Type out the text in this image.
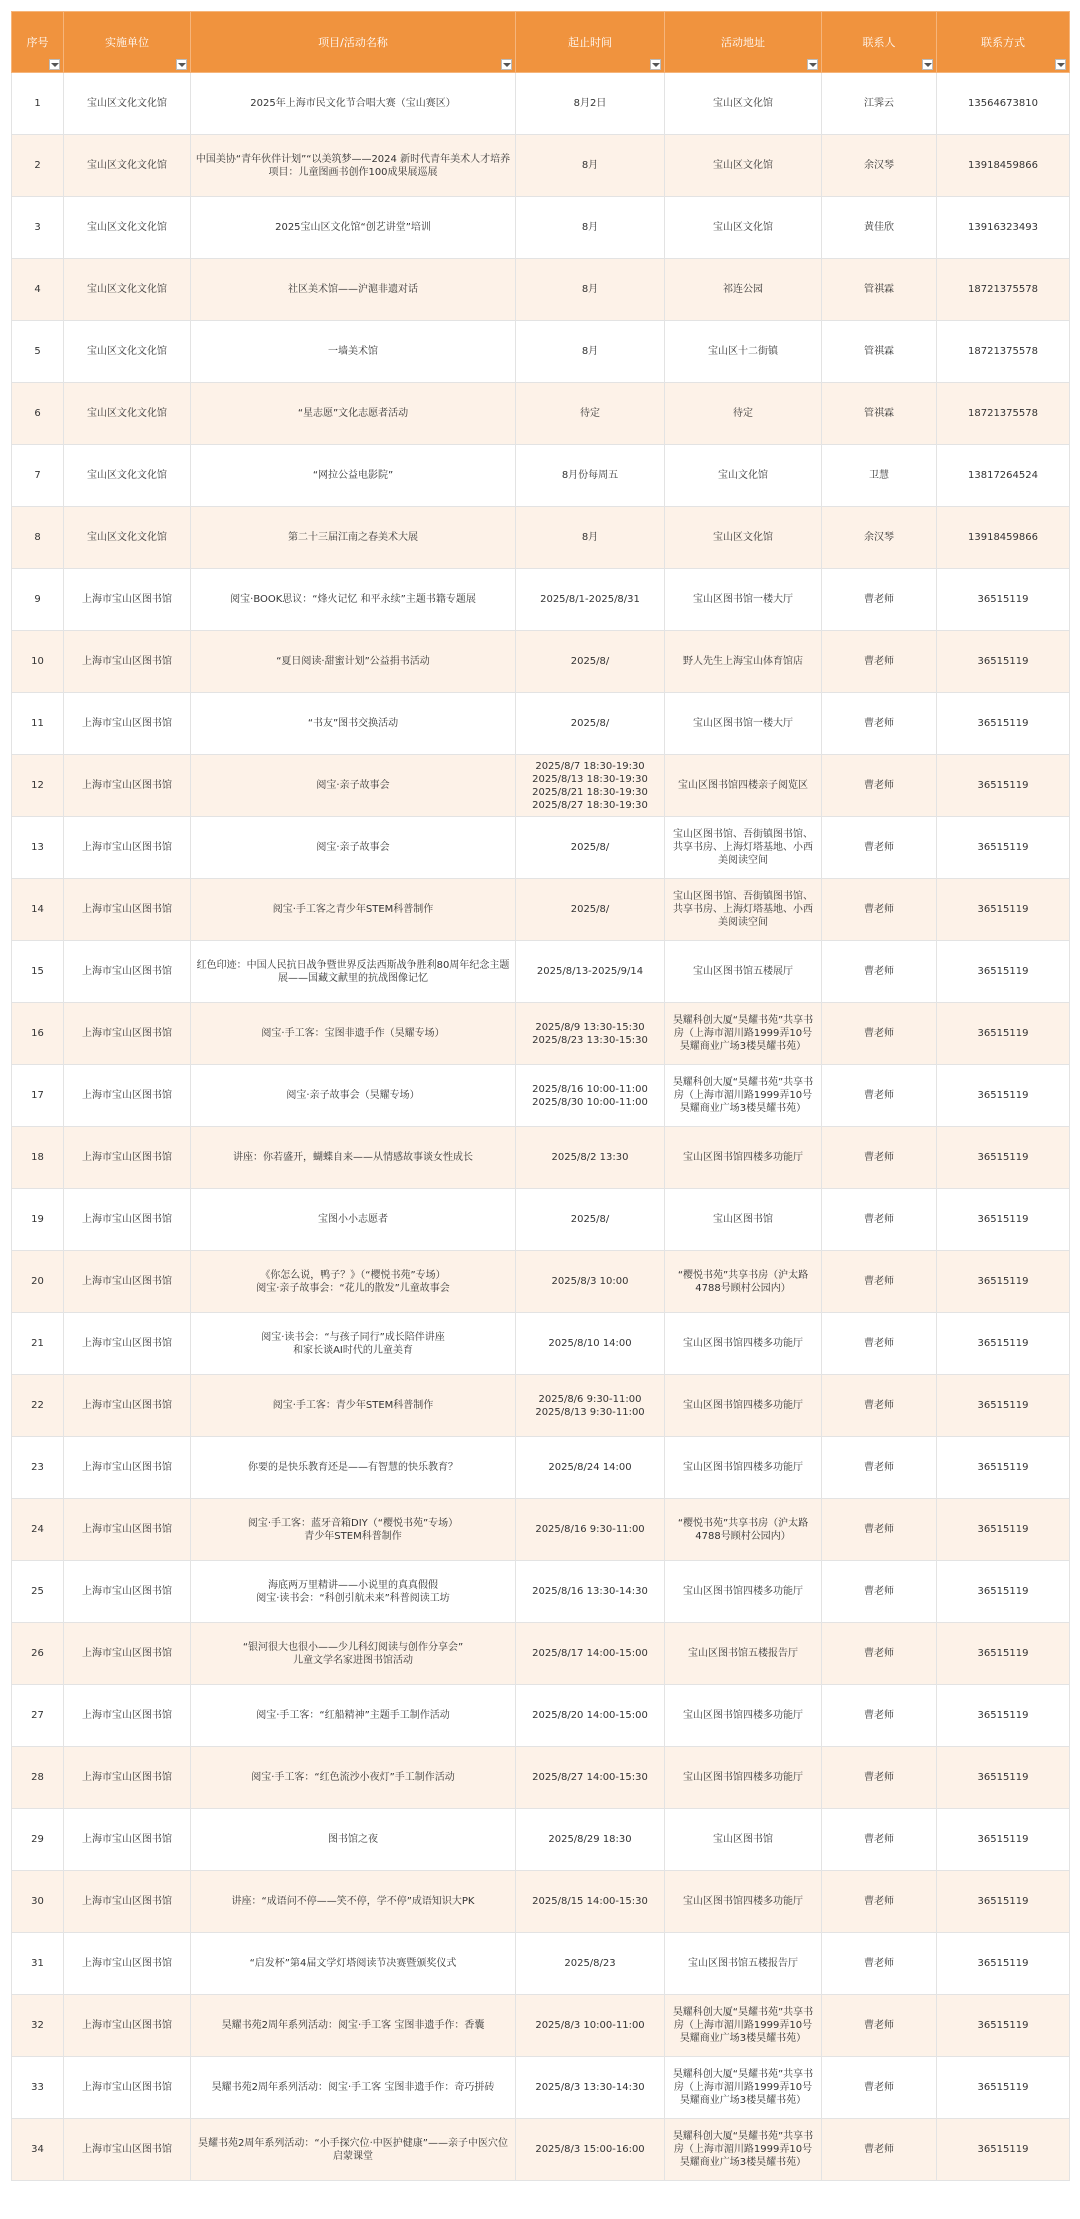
序号	实施单位	项目/活动名称	起止时间	活动地址	联系人	联系方式

1	宝山区文化文化馆	2025年上海市民文化节合唱大赛（宝山赛区）	8月2日	宝山区文化馆	江霁云	13564673810
2	宝山区文化文化馆	中国美协“青年伙伴计划”“以美筑梦——2024 新时代青年美术人才培养项目：儿童图画书创作100成果展巡展	8月	宝山区文化馆	余汉琴	13918459866
3	宝山区文化文化馆	2025宝山区文化馆“创艺讲堂”培训	8月	宝山区文化馆	黄佳欣	13916323493
4	宝山区文化文化馆	社区美术馆——沪滬非遗对话	8月	祁连公园	管祺霖	18721375578
5	宝山区文化文化馆	一墙美术馆	8月	宝山区十二街镇	管祺霖	18721375578
6	宝山区文化文化馆	“星志愿”文化志愿者活动	待定	待定	管祺霖	18721375578
7	宝山区文化文化馆	“网拉公益电影院”	8月份每周五	宝山文化馆	卫慧	13817264524
8	宝山区文化文化馆	第二十三届江南之春美术大展	8月	宝山区文化馆	余汉琴	13918459866
9	上海市宝山区图书馆	阅宝·BOOK思议：“烽火记忆 和平永续”主题书籍专题展	2025/8/1-2025/8/31	宝山区图书馆一楼大厅	曹老师	36515119
10	上海市宝山区图书馆	“夏日阅读·甜蜜计划”公益捐书活动	2025/8/	野人先生上海宝山体育馆店	曹老师	36515119
11	上海市宝山区图书馆	“书友”图书交换活动	2025/8/	宝山区图书馆一楼大厅	曹老师	36515119
12	上海市宝山区图书馆	阅宝·亲子故事会	2025/8/7 18:30-19:30
2025/8/13 18:30-19:30
2025/8/21 18:30-19:30
2025/8/27 18:30-19:30	宝山区图书馆四楼亲子阅览区	曹老师	36515119
13	上海市宝山区图书馆	阅宝·亲子故事会	2025/8/	宝山区图书馆、吾街镇图书馆、共享书房、上海灯塔基地、小西美阅读空间	曹老师	36515119
14	上海市宝山区图书馆	阅宝·手工客之青少年STEM科普制作	2025/8/	宝山区图书馆、吾街镇图书馆、共享书房、上海灯塔基地、小西美阅读空间	曹老师	36515119
15	上海市宝山区图书馆	红色印迹：中国人民抗日战争暨世界反法西斯战争胜利80周年纪念主题展——国藏文献里的抗战图像记忆	2025/8/13-2025/9/14	宝山区图书馆五楼展厅	曹老师	36515119
16	上海市宝山区图书馆	阅宝·手工客：宝图非遗手作（昊耀专场）	2025/8/9 13:30-15:30
2025/8/23 13:30-15:30	昊耀科创大厦“昊耀书苑”共享书房（上海市湄川路1999弄10号昊耀商业广场3楼昊耀书苑）	曹老师	36515119
17	上海市宝山区图书馆	阅宝·亲子故事会（昊耀专场）	2025/8/16 10:00-11:00
2025/8/30 10:00-11:00	昊耀科创大厦“昊耀书苑”共享书房（上海市湄川路1999弄10号昊耀商业广场3楼昊耀书苑）	曹老师	36515119
18	上海市宝山区图书馆	讲座：你若盛开，蝴蝶自来——从情感故事谈女性成长	2025/8/2 13:30	宝山区图书馆四楼多功能厅	曹老师	36515119
19	上海市宝山区图书馆	宝图小小志愿者	2025/8/	宝山区图书馆	曹老师	36515119
20	上海市宝山区图书馆	《你怎么说，鸭子？》（“樱悦书苑”专场）
阅宝·亲子故事会：“花儿的散发”儿童故事会	2025/8/3 10:00	“樱悦书苑”共享书房（沪太路4788号顾村公园内）	曹老师	36515119
21	上海市宝山区图书馆	阅宝·读书会：“与孩子同行”成长陪伴讲座
和家长谈AI时代的儿童美育	2025/8/10 14:00	宝山区图书馆四楼多功能厅	曹老师	36515119
22	上海市宝山区图书馆	阅宝·手工客：青少年STEM科普制作	2025/8/6 9:30-11:00
2025/8/13 9:30-11:00	宝山区图书馆四楼多功能厅	曹老师	36515119
23	上海市宝山区图书馆	你要的是快乐教育还是——有智慧的快乐教育？	2025/8/24 14:00	宝山区图书馆四楼多功能厅	曹老师	36515119
24	上海市宝山区图书馆	阅宝·手工客：蓝牙音箱DIY（“樱悦书苑”专场）
青少年STEM科普制作	2025/8/16 9:30-11:00	“樱悦书苑”共享书房（沪太路4788号顾村公园内）	曹老师	36515119
25	上海市宝山区图书馆	海底两万里精讲——小说里的真真假假
阅宝·读书会：“科创引航未来”科普阅读工坊	2025/8/16 13:30-14:30	宝山区图书馆四楼多功能厅	曹老师	36515119
26	上海市宝山区图书馆	“银河很大也很小——少儿科幻阅读与创作分享会”
儿童文学名家进图书馆活动	2025/8/17 14:00-15:00	宝山区图书馆五楼报告厅	曹老师	36515119
27	上海市宝山区图书馆	阅宝·手工客：“红船精神”主题手工制作活动	2025/8/20 14:00-15:00	宝山区图书馆四楼多功能厅	曹老师	36515119
28	上海市宝山区图书馆	阅宝·手工客：“红色流沙小夜灯”手工制作活动	2025/8/27 14:00-15:30	宝山区图书馆四楼多功能厅	曹老师	36515119
29	上海市宝山区图书馆	图书馆之夜	2025/8/29 18:30	宝山区图书馆	曹老师	36515119
30	上海市宝山区图书馆	讲座：“成语问不停——笑不停，学不停”成语知识大PK	2025/8/15 14:00-15:30	宝山区图书馆四楼多功能厅	曹老师	36515119
31	上海市宝山区图书馆	“启发杯”第4届文学灯塔阅读节决赛暨颁奖仪式	2025/8/23	宝山区图书馆五楼报告厅	曹老师	36515119
32	上海市宝山区图书馆	昊耀书苑2周年系列活动：阅宝·手工客 宝图非遗手作：香囊	2025/8/3 10:00-11:00	昊耀科创大厦“昊耀书苑”共享书房（上海市湄川路1999弄10号昊耀商业广场3楼昊耀书苑）	曹老师	36515119
33	上海市宝山区图书馆	昊耀书苑2周年系列活动：阅宝·手工客 宝图非遗手作：奇巧拼砖	2025/8/3 13:30-14:30	昊耀科创大厦“昊耀书苑”共享书房（上海市湄川路1999弄10号昊耀商业广场3楼昊耀书苑）	曹老师	36515119
34	上海市宝山区图书馆	昊耀书苑2周年系列活动：“小手探穴位·中医护健康”——亲子中医穴位启蒙课堂	2025/8/3 15:00-16:00	昊耀科创大厦“昊耀书苑”共享书房（上海市湄川路1999弄10号昊耀商业广场3楼昊耀书苑）	曹老师	36515119
